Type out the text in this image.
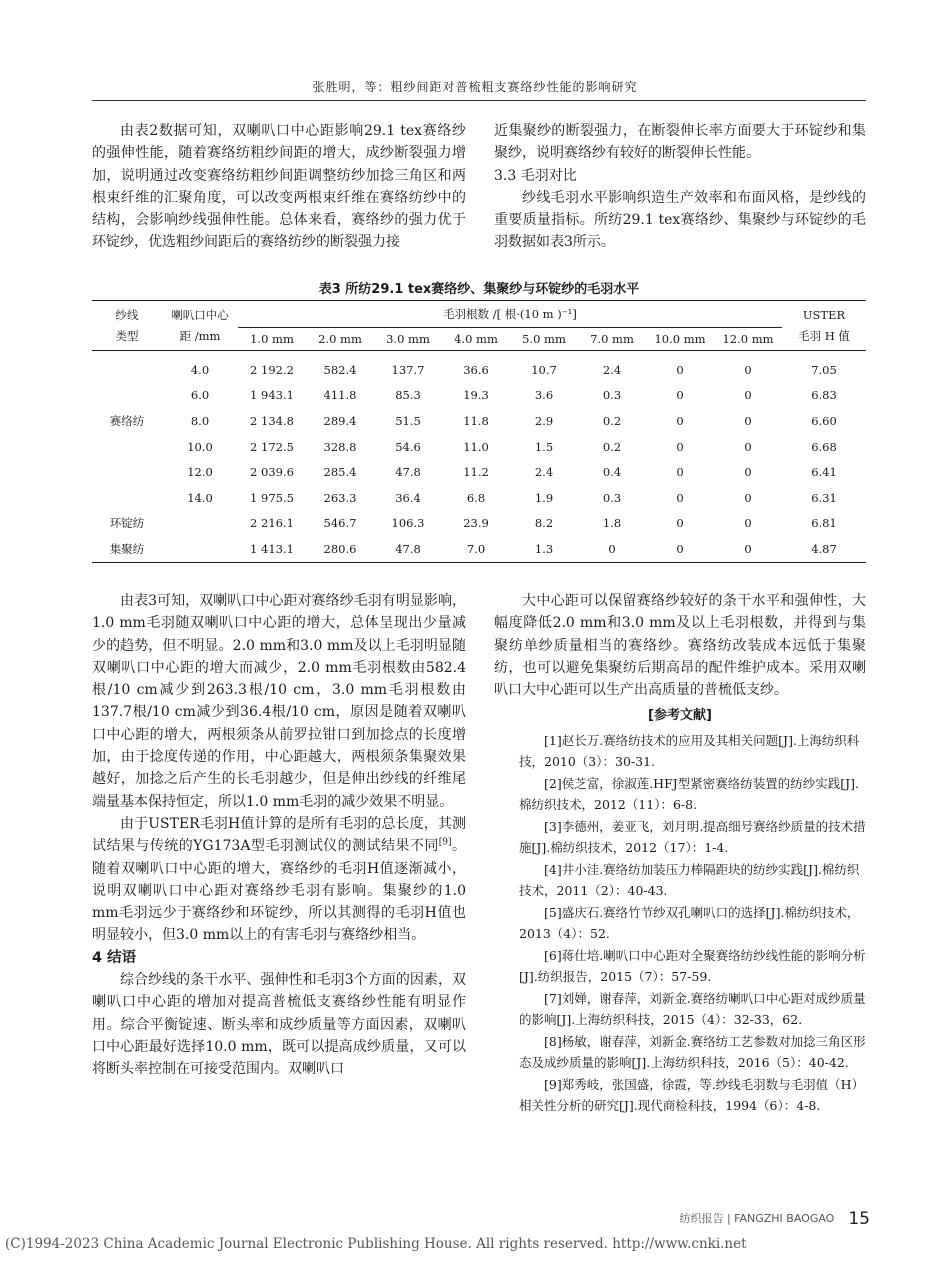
张胜明，等：粗纱间距对普梳粗支赛络纱性能的影响研究

由表2数据可知，双喇叭口中心距影响29.1 tex赛络纱的强伸性能，随着赛络纺粗纱间距的增大，成纱断裂强力增加，说明通过改变赛络纺粗纱间距调整纺纱加捻三角区和两根束纤维的汇聚角度，可以改变两根束纤维在赛络纺纱中的结构，会影响纱线强伸性能。总体来看，赛络纱的强力优于环锭纱，优选粗纱间距后的赛络纺纱的断裂强力接

近集聚纱的断裂强力，在断裂伸长率方面要大于环锭纱和集聚纱，说明赛络纱有较好的断裂伸长性能。

3.3 毛羽对比

纱线毛羽水平影响织造生产效率和布面风格，是纱线的重要质量指标。所纺29.1 tex赛络纱、集聚纱与环锭纱的毛羽数据如表3所示。

表3 所纺29.1 tex赛络纱、集聚纱与环锭纱的毛羽水平
纱线
类型	喇叭口中心
距 /mm	毛羽根数 /[ 根·(10 m )⁻¹]								USTER
毛羽 H 值
		1.0 mm	2.0 mm	3.0 mm	4.0 mm	5.0 mm	7.0 mm	10.0 mm	12.0 mm	
	4.0	2 192.2	582.4	137.7	36.6	10.7	2.4	0	0	7.05
	6.0	1 943.1	411.8	85.3	19.3	3.6	0.3	0	0	6.83
赛络纺	8.0	2 134.8	289.4	51.5	11.8	2.9	0.2	0	0	6.60
	10.0	2 172.5	328.8	54.6	11.0	1.5	0.2	0	0	6.68
	12.0	2 039.6	285.4	47.8	11.2	2.4	0.4	0	0	6.41
	14.0	1 975.5	263.3	36.4	6.8	1.9	0.3	0	0	6.31
环锭纺		2 216.1	546.7	106.3	23.9	8.2	1.8	0	0	6.81
集聚纺		1 413.1	280.6	47.8	7.0	1.3	0	0	0	4.87

由表3可知，双喇叭口中心距对赛络纱毛羽有明显影响，1.0 mm毛羽随双喇叭口中心距的增大，总体呈现出少量减少的趋势，但不明显。2.0 mm和3.0 mm及以上毛羽明显随双喇叭口中心距的增大而减少，2.0 mm毛羽根数由582.4根/10 cm减少到263.3根/10 cm，3.0 mm毛羽根数由137.7根/10 cm减少到36.4根/10 cm，原因是随着双喇叭口中心距的增大，两根须条从前罗拉钳口到加捻点的长度增加，由于捻度传递的作用，中心距越大，两根须条集聚效果越好，加捻之后产生的长毛羽越少，但是伸出纱线的纤维尾端量基本保持恒定，所以1.0 mm毛羽的减少效果不明显。

由于USTER毛羽H值计算的是所有毛羽的总长度，其测试结果与传统的YG173A型毛羽测试仪的测试结果不同[9]。随着双喇叭口中心距的增大，赛络纱的毛羽H值逐渐减小，说明双喇叭口中心距对赛络纱毛羽有影响。集聚纱的1.0 mm毛羽远少于赛络纱和环锭纱，所以其测得的毛羽H值也明显较小，但3.0 mm以上的有害毛羽与赛络纱相当。

4 结语

综合纱线的条干水平、强伸性和毛羽3个方面的因素，双喇叭口中心距的增加对提高普梳低支赛络纱性能有明显作用。综合平衡锭速、断头率和成纱质量等方面因素，双喇叭口中心距最好选择10.0 mm，既可以提高成纱质量，又可以将断头率控制在可接受范围内。双喇叭口

大中心距可以保留赛络纱较好的条干水平和强伸性，大幅度降低2.0 mm和3.0 mm及以上毛羽根数，并得到与集聚纺单纱质量相当的赛络纱。赛络纺改装成本远低于集聚纺，也可以避免集聚纺后期高昂的配件维护成本。采用双喇叭口大中心距可以生产出高质量的普梳低支纱。

[参考文献]

[1]赵长万.赛络纺技术的应用及其相关问题[J].上海纺织科技，2010（3）：30-31.

[2]侯芝富，徐淑莲.HFJ型紧密赛络纺装置的纺纱实践[J].棉纺织技术，2012（11）：6-8.

[3]李德州，姜亚飞，刘月明.提高细号赛络纱质量的技术措施[J].棉纺织技术，2012（17）：1-4.

[4]井小洼.赛络纺加装压力棒隔距块的纺纱实践[J].棉纺织技术，2011（2）：40-43.

[5]盛庆石.赛络竹节纱双孔喇叭口的选择[J].棉纺织技术，2013（4）：52.

[6]蒋仕培.喇叭口中心距对全聚赛络纺纱线性能的影响分析[J].纺织报告，2015（7）：57-59.

[7]刘婵，谢春萍，刘新金.赛络纺喇叭口中心距对成纱质量的影响[J].上海纺织科技，2015（4）：32-33，62.

[8]杨敏，谢春萍，刘新金.赛络纺工艺参数对加捻三角区形态及成纱质量的影响[J].上海纺织科技，2016（5）：40-42.

[9]郑秀岐，张国盛，徐霞，等.纱线毛羽数与毛羽值（H）相关性分析的研究[J].现代商检科技，1994（6）：4-8.

纺织报告 | FANGZHI BAOGAO 15
(C)1994-2023 China Academic Journal Electronic Publishing House. All rights reserved. http://www.cnki.net
